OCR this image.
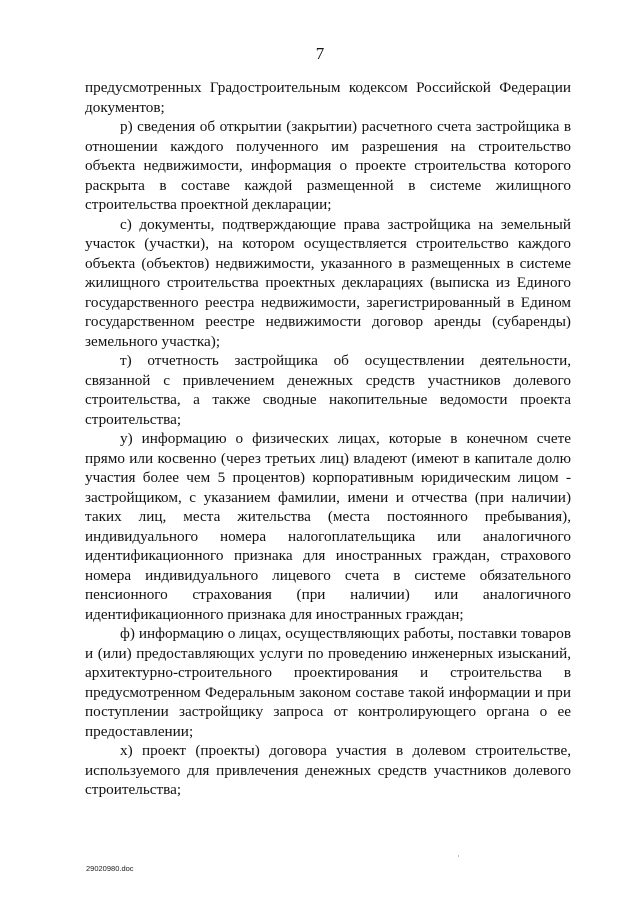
7

предусмотренных Градостроительным кодексом Российской Федерации документов;

р) сведения об открытии (закрытии) расчетного счета застройщика в отношении каждого полученного им разрешения на строительство объекта недвижимости, информация о проекте строительства которого раскрыта в составе каждой размещенной в системе жилищного строительства проектной декларации;

с) документы, подтверждающие права застройщика на земельный участок (участки), на котором осуществляется строительство каждого объекта (объектов) недвижимости, указанного в размещенных в системе жилищного строительства проектных декларациях (выписка из Единого государственного реестра недвижимости, зарегистрированный в Едином государственном реестре недвижимости договор аренды (субаренды) земельного участка);

т) отчетность застройщика об осуществлении деятельности, связанной с привлечением денежных средств участников долевого строительства, а также сводные накопительные ведомости проекта строительства;

у) информацию о физических лицах, которые в конечном счете прямо или косвенно (через третьих лиц) владеют (имеют в капитале долю участия более чем 5 процентов) корпоративным юридическим лицом - застройщиком, с указанием фамилии, имени и отчества (при наличии) таких лиц, места жительства (места постоянного пребывания), индивидуального номера налогоплательщика или аналогичного идентификационного признака для иностранных граждан, страхового номера индивидуального лицевого счета в системе обязательного пенсионного страхования (при наличии) или аналогичного идентификационного признака для иностранных граждан;

ф) информацию о лицах, осуществляющих работы, поставки товаров и (или) предоставляющих услуги по проведению инженерных изысканий, архитектурно-строительного проектирования и строительства в предусмотренном Федеральным законом составе такой информации и при поступлении застройщику запроса от контролирующего органа о ее предоставлении;

х) проект (проекты) договора участия в долевом строительстве, используемого для привлечения денежных средств участников долевого строительства;

29020980.doc
